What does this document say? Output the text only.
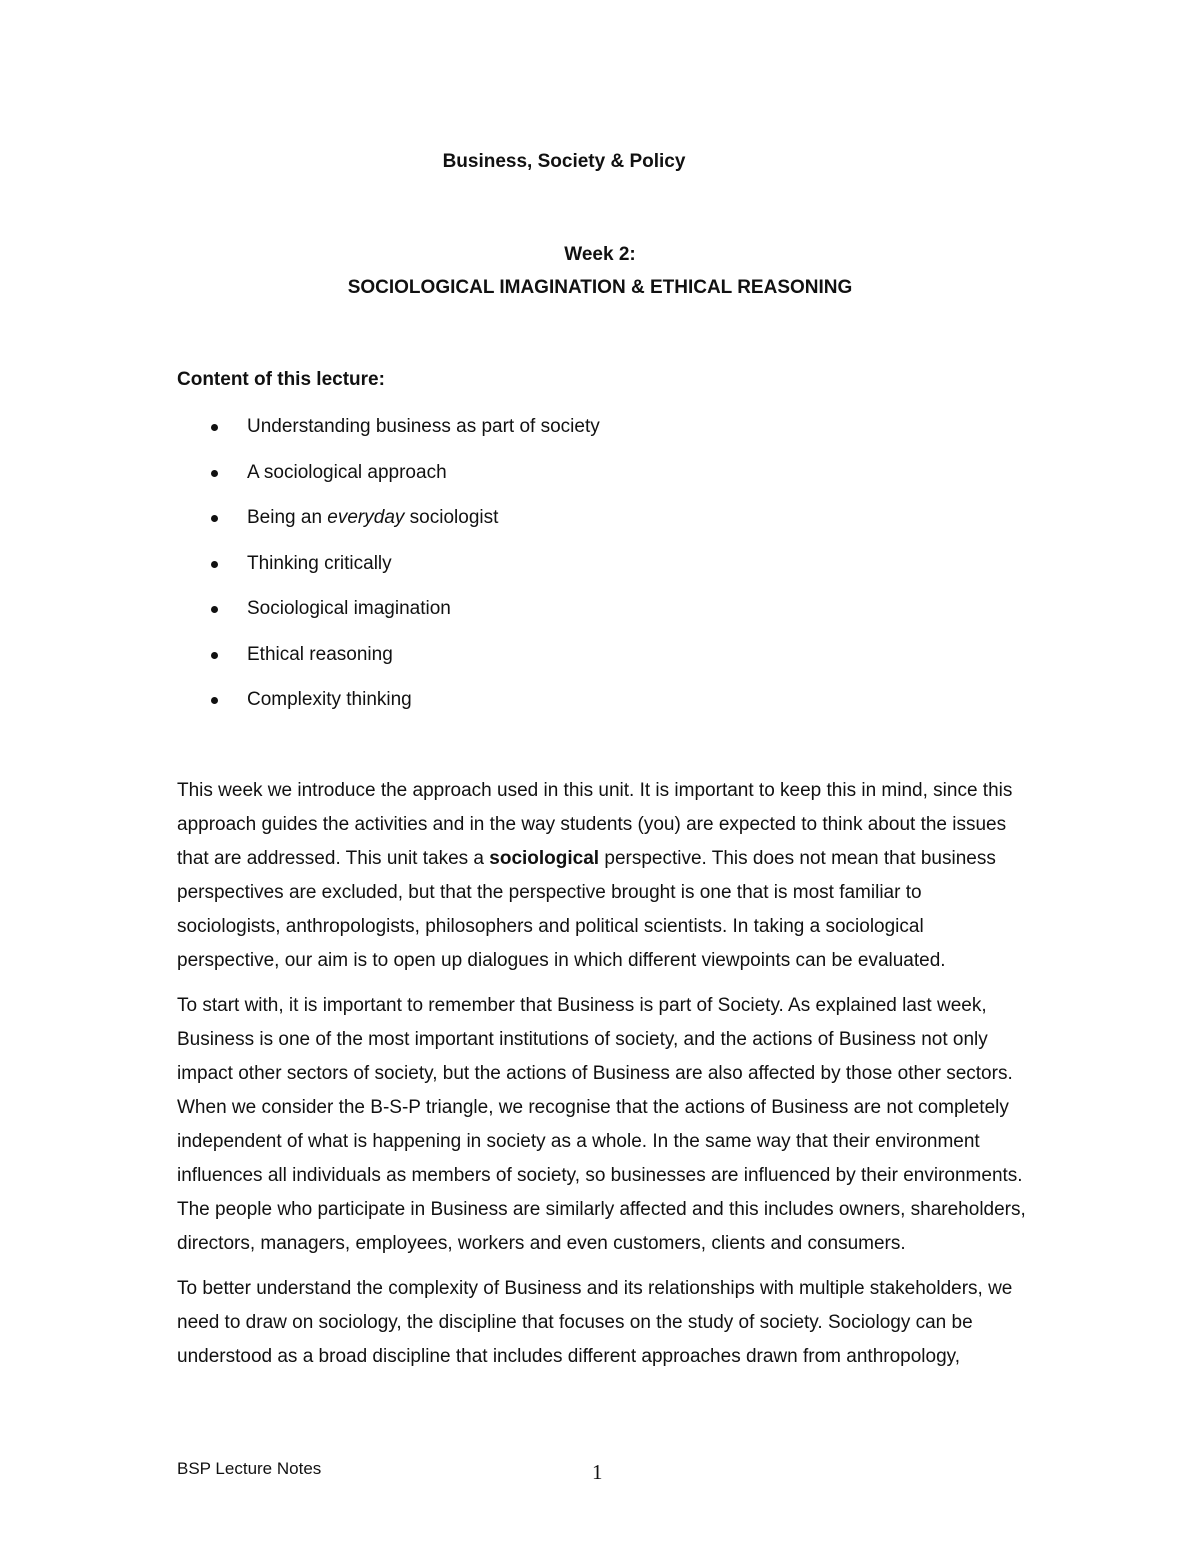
Business, Society & Policy
Week 2:
SOCIOLOGICAL IMAGINATION & ETHICAL REASONING
Content of this lecture:
Understanding business as part of society
A sociological approach
Being an everyday sociologist
Thinking critically
Sociological imagination
Ethical reasoning
Complexity thinking

This week we introduce the approach used in this unit. It is important to keep this in mind, since this approach guides the activities and in the way students (you) are expected to think about the issues that are addressed. This unit takes a sociological perspective. This does not mean that business perspectives are excluded, but that the perspective brought is one that is most familiar to sociologists, anthropologists, philosophers and political scientists. In taking a sociological perspective, our aim is to open up dialogues in which different viewpoints can be evaluated.

To start with, it is important to remember that Business is part of Society. As explained last week, Business is one of the most important institutions of society, and the actions of Business not only impact other sectors of society, but the actions of Business are also affected by those other sectors. When we consider the B-S-P triangle, we recognise that the actions of Business are not completely independent of what is happening in society as a whole. In the same way that their environment influences all individuals as members of society, so businesses are influenced by their environments. The people who participate in Business are similarly affected and this includes owners, shareholders, directors, managers, employees, workers and even customers, clients and consumers.

To better understand the complexity of Business and its relationships with multiple stakeholders, we need to draw on sociology, the discipline that focuses on the study of society. Sociology can be understood as a broad discipline that includes different approaches drawn from anthropology,

BSP Lecture Notes	1
